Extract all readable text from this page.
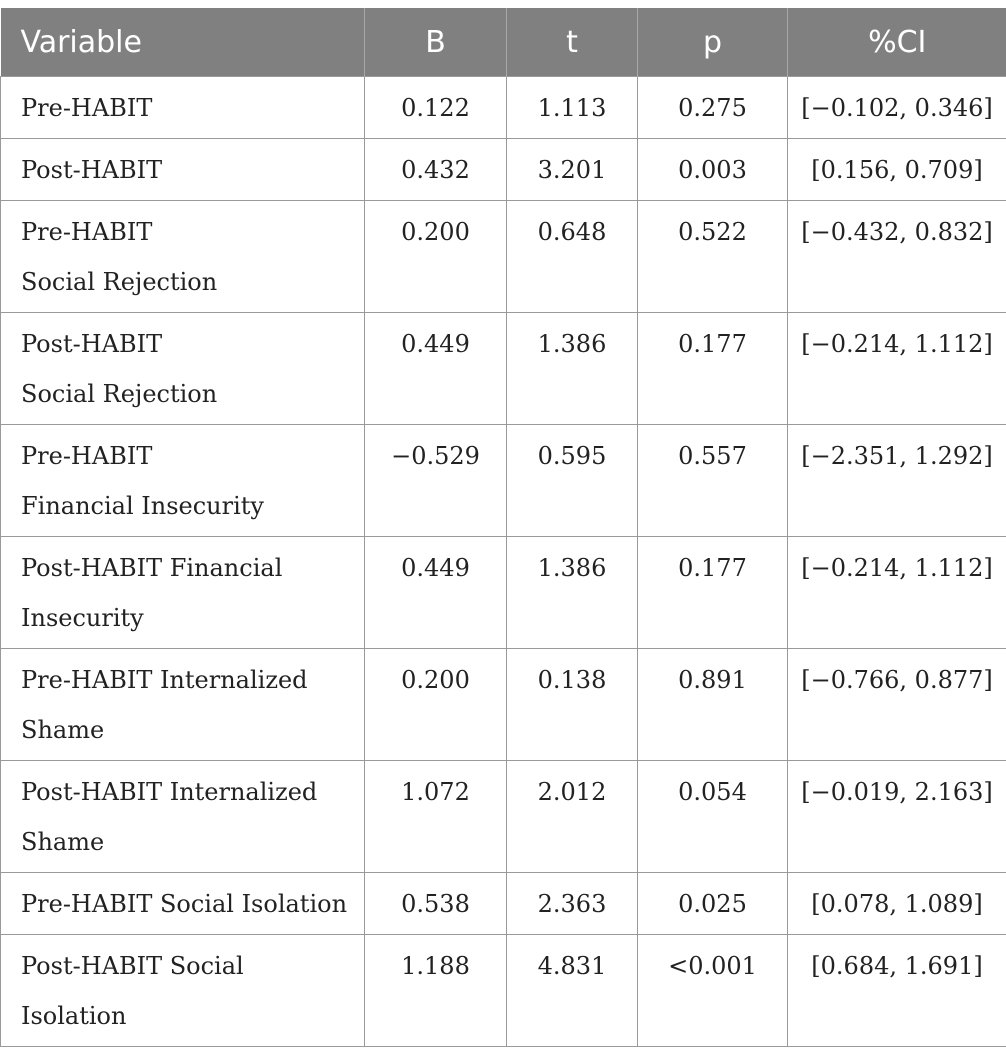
Variable	B	t	p	%CI

Pre-HABIT	0.122	1.113	0.275	[−0.102, 0.346]

Post-HABIT	0.432	3.201	0.003	[0.156, 0.709]

Pre-HABIT
Social Rejection	0.200	0.648	0.522	[−0.432, 0.832]

Post-HABIT
Social Rejection	0.449	1.386	0.177	[−0.214, 1.112]

Pre-HABIT
Financial Insecurity	−0.529	0.595	0.557	[−2.351, 1.292]

Post-HABIT Financial
Insecurity	0.449	1.386	0.177	[−0.214, 1.112]

Pre-HABIT Internalized
Shame	0.200	0.138	0.891	[−0.766, 0.877]

Post-HABIT Internalized
Shame	1.072	2.012	0.054	[−0.019, 2.163]

Pre-HABIT Social Isolation	0.538	2.363	0.025	[0.078, 1.089]

Post-HABIT Social
Isolation	1.188	4.831	<0.001	[0.684, 1.691]
